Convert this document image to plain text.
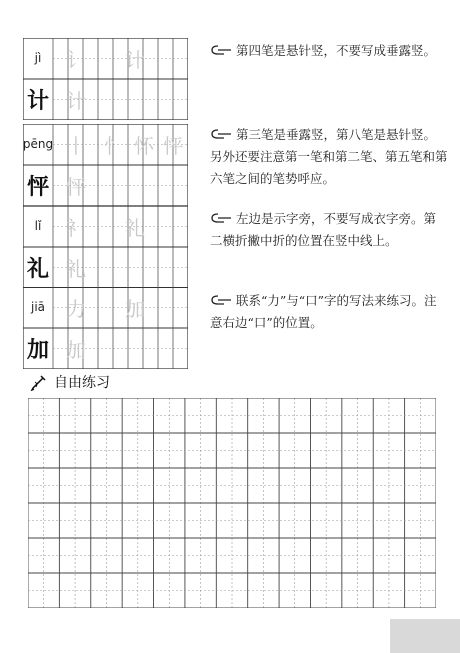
jì
计
讠	计
计
第四笔是悬针竖，不要写成垂露竖。
pēng
怦
丨 忄 怀 怦
怦
第三笔是垂露竖，第八笔是悬针竖。另外还要注意第一笔和第二笔、第五笔和第六笔之间的笔势呼应。
lǐ
礼
礻	礼
礼
左边是示字旁，不要写成衣字旁。第二横折撇中折的位置在竖中线上。
jiā
加
力	加
加
联系“力”与“口”字的写法来练习。注意右边“口”的位置。
自由练习
